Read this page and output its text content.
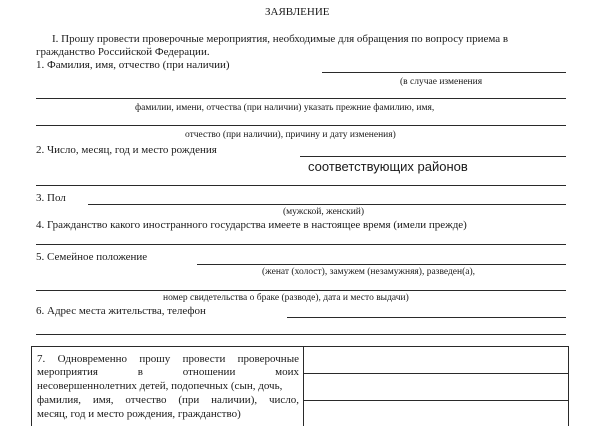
ЗАЯВЛЕНИЕ
I. Прошу провести проверочные мероприятия, необходимые для обращения по вопросу приема в
гражданство Российской Федерации.
1. Фамилия, имя, отчество (при наличии)
(в случае изменения
фамилии, имени, отчества (при наличии) указать прежние фамилию, имя,
отчество (при наличии), причину и дату изменения)
2. Число, месяц, год и место рождения
соответствующих районов
3. Пол
(мужской, женский)
4. Гражданство какого иностранного государства имеете в настоящее время (имели прежде)
5. Семейное положение
(женат (холост), замужем (незамужняя), разведен(а),
номер свидетельства о браке (разводе), дата и место выдачи)
6. Адрес места жительства, телефон
7. Одновременно прошу провести проверочные
мероприятия	в	отношении	моих
несовершеннолетних детей, подопечных (сын, дочь,
фамилия, имя, отчество (при наличии), число,
месяц, год и место рождения, гражданство)
